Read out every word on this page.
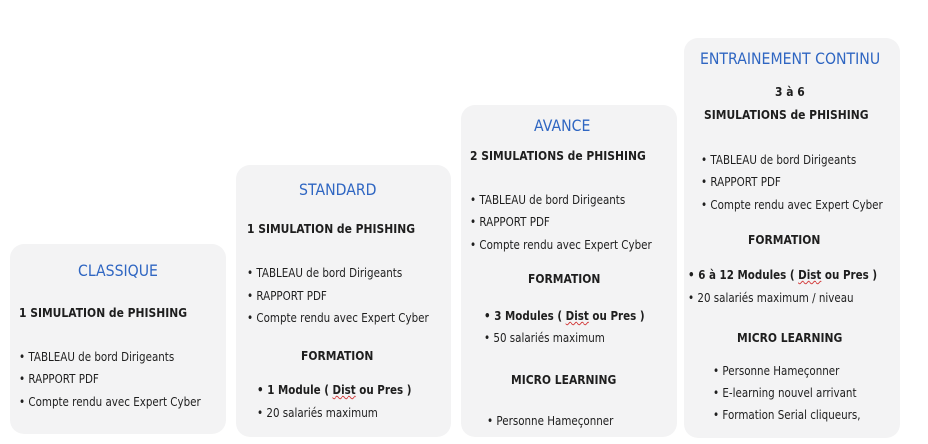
CLASSIQUE
1 SIMULATION de PHISHING
• TABLEAU de bord Dirigeants
• RAPPORT PDF
• Compte rendu avec Expert Cyber
STANDARD
1 SIMULATION de PHISHING
• TABLEAU de bord Dirigeants
• RAPPORT PDF
• Compte rendu avec Expert Cyber
FORMATION
• 1 Module ( Dist ou Pres )
• 20 salariés maximum
AVANCE
2 SIMULATIONS de PHISHING
• TABLEAU de bord Dirigeants
• RAPPORT PDF
• Compte rendu avec Expert Cyber
FORMATION
• 3 Modules ( Dist ou Pres )
• 50 salariés maximum
MICRO LEARNING
• Personne Hameçonner
ENTRAINEMENT CONTINU
3 à 6
SIMULATIONS de PHISHING
• TABLEAU de bord Dirigeants
• RAPPORT PDF
• Compte rendu avec Expert Cyber
FORMATION
• 6 à 12 Modules ( Dist ou Pres )
• 20 salariés maximum / niveau
MICRO LEARNING
• Personne Hameçonner
• E-learning nouvel arrivant
• Formation Serial cliqueurs,
